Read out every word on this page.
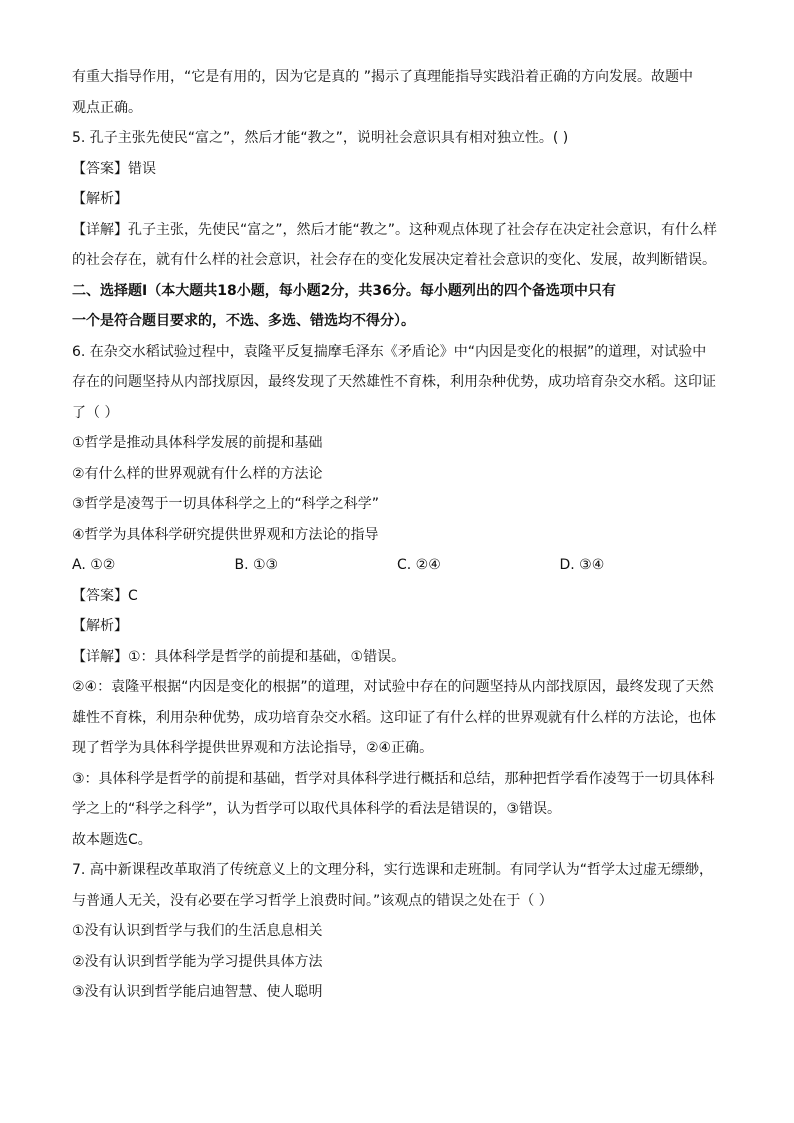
有重大指导作用，“它是有用的，因为它是真的 ”揭示了真理能指导实践沿着正确的方向发展。故题中
观点正确。
5. 孔子主张先使民“富之”，然后才能“教之”，说明社会意识具有相对独立性。( )
【答案】错误
【解析】
【详解】孔子主张，先使民“富之”，然后才能“教之”。这种观点体现了社会存在决定社会意识，有什么样
的社会存在，就有什么样的社会意识，社会存在的变化发展决定着社会意识的变化、发展，故判断错误。
二、选择题Ⅰ（本大题共18小题，每小题2分，共36分。每小题列出的四个备选项中只有
一个是符合题目要求的，不选、多选、错选均不得分）。
6. 在杂交水稻试验过程中，袁隆平反复揣摩毛泽东《矛盾论》中“内因是变化的根据”的道理，对试验中
存在的问题坚持从内部找原因，最终发现了天然雄性不育株，利用杂种优势，成功培育杂交水稻。这印证
了（ ）
①哲学是推动具体科学发展的前提和基础
②有什么样的世界观就有什么样的方法论
③哲学是凌驾于一切具体科学之上的“科学之科学”
④哲学为具体科学研究提供世界观和方法论的指导
A. ①②	B. ①③	C. ②④	D. ③④
【答案】C
【解析】
【详解】①：具体科学是哲学的前提和基础，①错误。
②④：袁隆平根据“内因是变化的根据”的道理，对试验中存在的问题坚持从内部找原因，最终发现了天然
雄性不育株，利用杂种优势，成功培育杂交水稻。这印证了有什么样的世界观就有什么样的方法论，也体
现了哲学为具体科学提供世界观和方法论指导，②④正确。
③：具体科学是哲学的前提和基础，哲学对具体科学进行概括和总结，那种把哲学看作凌驾于一切具体科
学之上的“科学之科学”，认为哲学可以取代具体科学的看法是错误的，③错误。
故本题选C。
7. 高中新课程改革取消了传统意义上的文理分科，实行选课和走班制。有同学认为“哲学太过虚无缥缈，
与普通人无关，没有必要在学习哲学上浪费时间。”该观点的错误之处在于（ ）
①没有认识到哲学与我们的生活息息相关
②没有认识到哲学能为学习提供具体方法
③没有认识到哲学能启迪智慧、使人聪明
